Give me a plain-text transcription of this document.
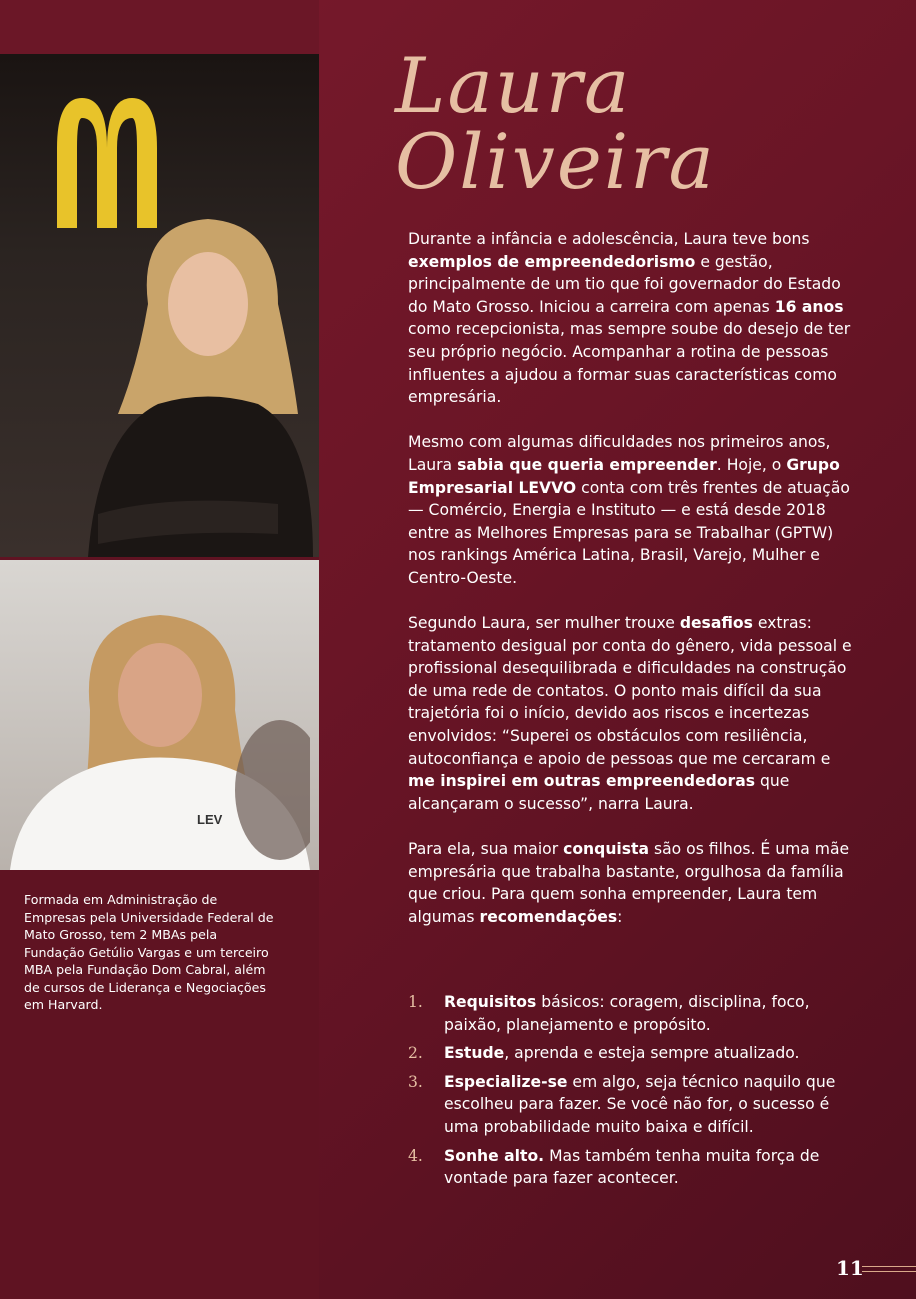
LEV
Formada em Administração de Empresas pela Universidade Federal de Mato Grosso, tem 2 MBAs pela Fundação Getúlio Vargas e um terceiro MBA pela Fundação Dom Cabral, além de cursos de Liderança e Negociações em Harvard.
Laura Oliveira

Durante a infância e adolescência, Laura teve bons exemplos de empreendedorismo e gestão, principalmente de um tio que foi governador do Estado do Mato Grosso. Iniciou a carreira com apenas 16 anos como recepcionista, mas sempre soube do desejo de ter seu próprio negócio. Acompanhar a rotina de pessoas influentes a ajudou a formar suas características como empresária.

Mesmo com algumas dificuldades nos primeiros anos, Laura sabia que queria empreender. Hoje, o Grupo Empresarial LEVVO conta com três frentes de atuação — Comércio, Energia e Instituto — e está desde 2018 entre as Melhores Empresas para se Trabalhar (GPTW) nos rankings América Latina, Brasil, Varejo, Mulher e Centro-Oeste.

Segundo Laura, ser mulher trouxe desafios extras: tratamento desigual por conta do gênero, vida pessoal e profissional desequilibrada e dificuldades na construção de uma rede de contatos. O ponto mais difícil da sua trajetória foi o início, devido aos riscos e incertezas envolvidos: “Superei os obstáculos com resiliência, autoconfiança e apoio de pessoas que me cercaram e me inspirei em outras empreendedoras que alcançaram o sucesso”, narra Laura.

Para ela, sua maior conquista são os filhos. É uma mãe empresária que trabalha bastante, orgulhosa da família que criou. Para quem sonha empreender, Laura tem algumas recomendações:

1. Requisitos básicos: coragem, disciplina, foco, paixão, planejamento e propósito.
2. Estude, aprenda e esteja sempre atualizado.
3. Especialize-se em algo, seja técnico naquilo que escolheu para fazer. Se você não for, o sucesso é uma probabilidade muito baixa e difícil.
4. Sonhe alto. Mas também tenha muita força de vontade para fazer acontecer.
11
